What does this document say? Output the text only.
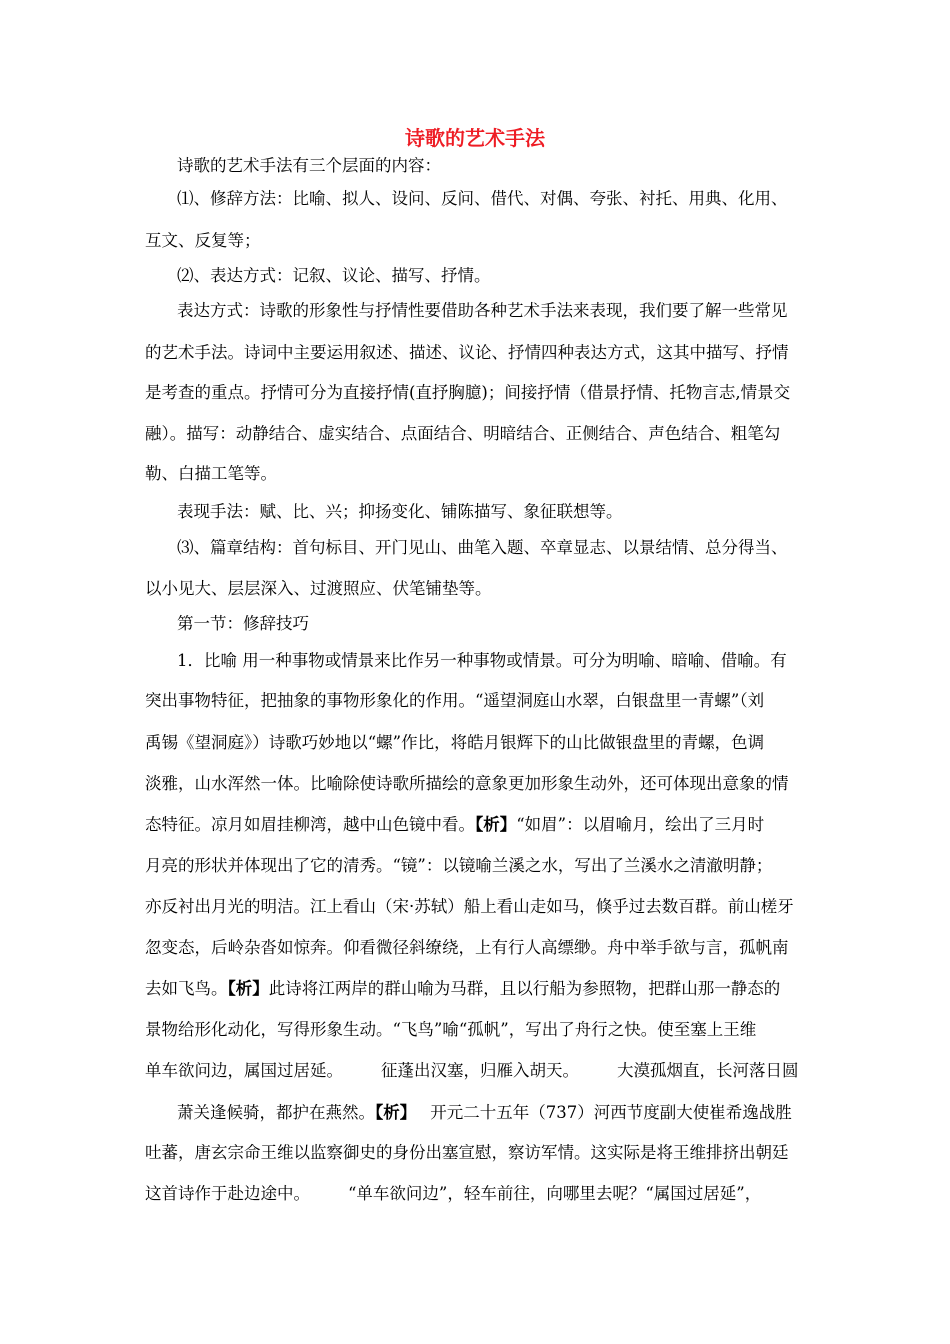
诗歌的艺术手法
诗歌的艺术手法有三个层面的内容：
⑴、修辞方法：比喻、拟人、设问、反问、借代、对偶、夸张、衬托、用典、化用、
互文、反复等；
⑵、表达方式：记叙、议论、描写、抒情。
表达方式：诗歌的形象性与抒情性要借助各种艺术手法来表现，我们要了解一些常见
的艺术手法。诗词中主要运用叙述、描述、议论、抒情四种表达方式，这其中描写、抒情
是考查的重点。抒情可分为直接抒情(直抒胸臆)；间接抒情（借景抒情、托物言志,情景交
融）。描写：动静结合、虚实结合、点面结合、明暗结合、正侧结合、声色结合、粗笔勾
勒、白描工笔等。
表现手法：赋、比、兴；抑扬变化、铺陈描写、象征联想等。
⑶、篇章结构：首句标目、开门见山、曲笔入题、卒章显志、以景结情、总分得当、
以小见大、层层深入、过渡照应、伏笔铺垫等。
第一节：修辞技巧
1．比喻 用一种事物或情景来比作另一种事物或情景。可分为明喻、暗喻、借喻。有
突出事物特征，把抽象的事物形象化的作用。“遥望洞庭山水翠，白银盘里一青螺”（刘
禹锡《望洞庭》）诗歌巧妙地以“螺”作比，将皓月银辉下的山比做银盘里的青螺，色调
淡雅，山水浑然一体。比喻除使诗歌所描绘的意象更加形象生动外，还可体现出意象的情
态特征。凉月如眉挂柳湾，越中山色镜中看。【析】“如眉”：以眉喻月，绘出了三月时
月亮的形状并体现出了它的清秀。“镜”：以镜喻兰溪之水，写出了兰溪水之清澈明静；
亦反衬出月光的明洁。江上看山（宋·苏轼）船上看山走如马，倏乎过去数百群。前山槎牙
忽变态，后岭杂沓如惊奔。仰看微径斜缭绕，上有行人高缥缈。舟中举手欲与言，孤帆南
去如飞鸟。【析】此诗将江两岸的群山喻为马群，且以行船为参照物，把群山那一静态的
景物给形化动化，写得形象生动。“飞鸟”喻“孤帆”，写出了舟行之快。使至塞上王维
单车欲问边，属国过居延。 征蓬出汉塞，归雁入胡天。 大漠孤烟直，长河落日圆
萧关逢候骑，都护在燕然。【析】 开元二十五年（737）河西节度副大使崔希逸战胜
吐蕃，唐玄宗命王维以监察御史的身份出塞宣慰，察访军情。这实际是将王维排挤出朝廷
这首诗作于赴边途中。 “单车欲问边”，轻车前往，向哪里去呢？“属国过居延”，
